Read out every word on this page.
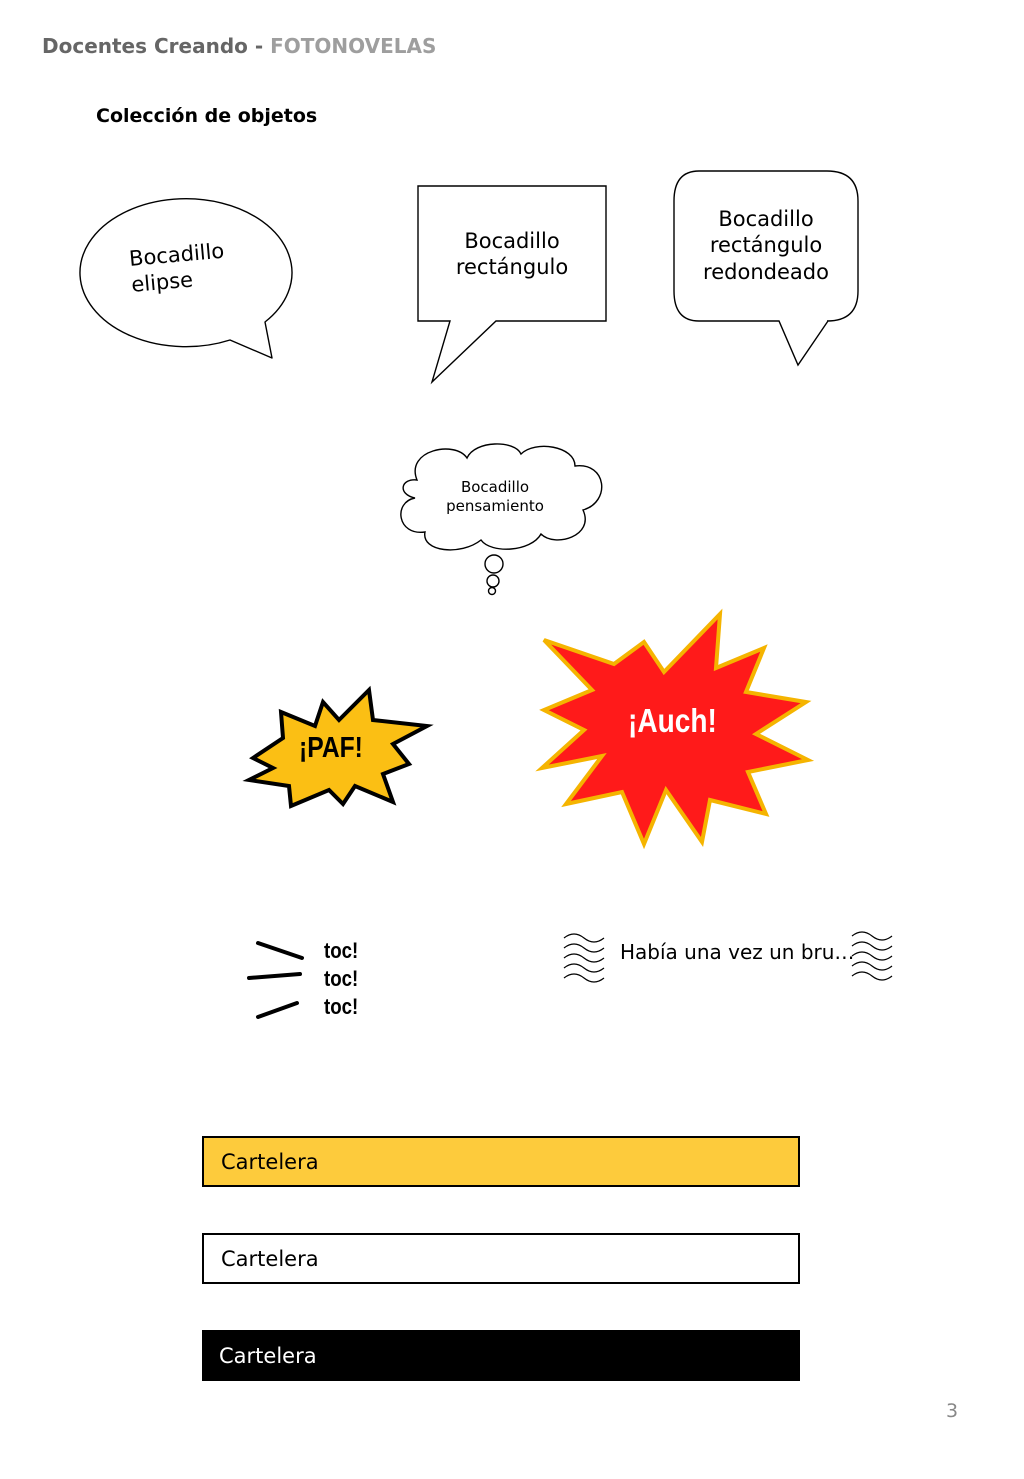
Docentes Creando - FOTONOVELAS
Colección de objetos
Bocadillo
elipse
Bocadillo
rectángulo
Bocadillo
rectángulo
redondeado
Bocadillo
pensamiento
¡PAF!
¡Auch!
toc!
toc!
toc!
Había una vez un bru…
Cartelera
Cartelera
Cartelera
3
